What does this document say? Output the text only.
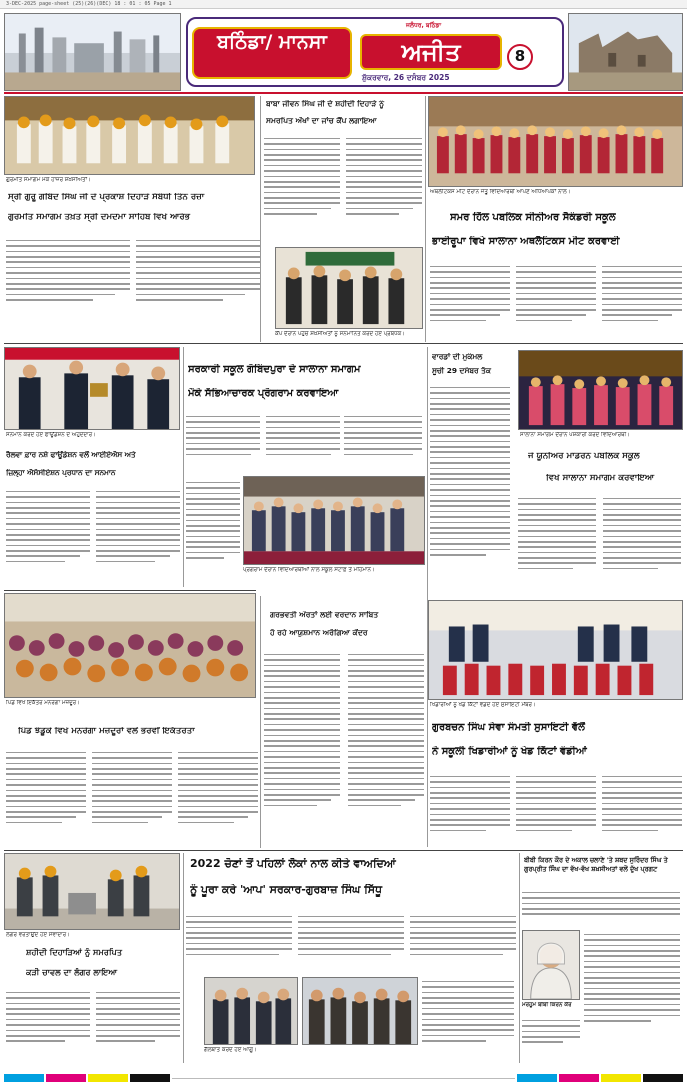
3-DEC-2025 page-sheet (25)(26)(DEC) 18 : 01 : 05 Page 1
ਬਠਿੰਡਾ/ ਮਾਨਸਾ	ਅਜੀਤ
ਜਲੰਧਰ, ਬਠਿੰਡਾ
ਸ਼ੁੱਕਰਵਾਰ, 26 ਦਸੰਬਰ 2025
8
ਗੁਰਮਤਿ ਸਮਾਗਮ ਮੌਕੇ ਹਾਜ਼ਰ ਸ਼ਖ਼ਸੀਅਤਾਂ।
ਸ੍ਰੀ ਗੁਰੂ ਗੋਬਿੰਦ ਸਿੰਘ ਜੀ ਦੇ ਪ੍ਰਕਾਸ਼ ਦਿਹਾੜੇ ਸੰਬੰਧੀ ਤਿੰਨ ਰੋਜ਼ਾ
ਗੁਰਮਤਿ ਸਮਾਗਮ ਤਖ਼ਤ ਸ੍ਰੀ ਦਮਦਮਾ ਸਾਹਿਬ ਵਿਖੇ ਆਰੰਭ
ਬਾਬਾ ਜੀਵਨ ਸਿੰਘ ਜੀ ਦੇ ਸ਼ਹੀਦੀ ਦਿਹਾੜੇ ਨੂੰ
ਸਮਰਪਿਤ ਅੱਖਾਂ ਦਾ ਜਾਂਚ ਕੈਂਪ ਲਗਾਇਆ
ਕੈਂਪ ਦੌਰਾਨ ਪਹੁੰਚੇ ਸ਼ਖ਼ਸੀਅਤਾਂ ਨੂੰ ਸਨਮਾਨਿਤ ਕਰਦੇ ਹੋਏ ਪ੍ਰਬੰਧਕ।
ਅਥਲੈਟਿਕਸ ਮੀਟ ਦੌਰਾਨ ਜੇਤੂ ਵਿਦਿਆਰਥੀ ਆਪਣੇ ਅਧਿਆਪਕਾਂ ਨਾਲ।
ਸਮਰ ਹਿੱਲ ਪਬਲਿਕ ਸੀਨੀਅਰ ਸੈਕੰਡਰੀ ਸਕੂਲ
ਭਾਈਰੂਪਾ ਵਿਖੇ ਸਾਲਾਨਾ ਅਥਲੈਟਿਕਸ ਮੀਟ ਕਰਵਾਈ
ਸਨਮਾਨ ਕਰਦੇ ਹੋਏ ਫਾਊਂਡੇਸ਼ਨ ਦੇ ਅਹੁਦੇਦਾਰ।
ਰੈਲਵਾ ਫ਼ਾਰ ਨਸ਼ੇ ਫਾਊਂਡੇਸ਼ਨ ਵਲੋਂ ਆਈਏਐਸ ਅਤੇ
ਜ਼ਿਲ੍ਹਾ ਐਸੋਸੀਏਸ਼ਨ ਪ੍ਰਧਾਨ ਦਾ ਸਨਮਾਨ
ਸਰਕਾਰੀ ਸਕੂਲ ਗੋਬਿੰਦਪੁਰਾ ਦੇ ਸਾਲਾਨਾ ਸਮਾਗਮ
ਮੌਕੇ ਸੱਭਿਆਚਾਰਕ ਪ੍ਰੋਗਰਾਮ ਕਰਵਾਇਆ
ਪ੍ਰੋਗਰਾਮ ਦੌਰਾਨ ਵਿਦਿਆਰਥੀਆਂ ਨਾਲ ਸਕੂਲ ਸਟਾਫ਼ ਤੇ ਮਹਿਮਾਨ।
ਵਾਰਡਾਂ ਦੀ ਮੁਕੰਮਲ
ਸੂਚੀ 29 ਦਸੰਬਰ ਤੱਕ
ਸਾਲਾਨਾ ਸਮਾਗਮ ਦੌਰਾਨ ਪੇਸ਼ਕਾਰੀ ਕਰਦੇ ਵਿਦਿਆਰਥੀ।
ਜੇ ਯੂਨੀਅਰ ਮਾਡਰਨ ਪਬਲਿਕ ਸਕੂਲ
ਵਿਖੇ ਸਾਲਾਨਾ ਸਮਾਗਮ ਕਰਵਾਇਆ
ਪਿੰਡ ਵਿਖੇ ਇਕੱਤਰ ਮਨਰੇਗਾ ਮਜ਼ਦੂਰ।
ਪਿੰਡ ਝੰਡੂਕੇ ਵਿਖੇ ਮਨਰੇਗਾ ਮਜ਼ਦੂਰਾਂ ਵਲੋਂ ਭਰਵੀਂ ਇਕੱਤਰਤਾ
ਗਰਭਵਤੀ ਔਰਤਾਂ ਲਈ ਵਰਦਾਨ ਸਾਬਿਤ
ਹੋ ਰਹੇ ਆਯੁਸ਼ਮਾਨ ਅਰੋਗਿਆ ਕੇਂਦਰ
ਖਿਡਾਰੀਆਂ ਨੂੰ ਖੇਡ ਕਿੱਟਾਂ ਵੰਡਦੇ ਹੋਏ ਸੁਸਾਇਟੀ ਮੈਂਬਰ।
ਗੁਰਬਚਨ ਸਿੰਘ ਸੇਵਾ ਸੰਮਤੀ ਸੁਸਾਇਟੀ ਵੱਲੋਂ
ਨੇ ਸਕੂਲੀ ਖਿਡਾਰੀਆਂ ਨੂੰ ਖੇਡ ਕਿੱਟਾਂ ਵੰਡੀਆਂ
ਲੰਗਰ ਵਰਤਾਉਂਦੇ ਹੋਏ ਸੇਵਾਦਾਰ।
ਸ਼ਹੀਦੀ ਦਿਹਾੜਿਆਂ ਨੂੰ ਸਮਰਪਿਤ
ਕੜੀ ਚਾਵਲ ਦਾ ਲੰਗਰ ਲਾਇਆ
2022 ਚੋਣਾਂ ਤੋਂ ਪਹਿਲਾਂ ਲੋਕਾਂ ਨਾਲ ਕੀਤੇ ਵਾਅਦਿਆਂ
ਨੂੰ ਪੂਰਾ ਕਰੇ 'ਆਪ' ਸਰਕਾਰ-ਗੁਰਬਾਜ਼ ਸਿੰਘ ਸਿੱਧੂ
ਗੱਲਬਾਤ ਕਰਦੇ ਹੋਏ ਆਗੂ।
ਬੀਬੀ ਕਿਰਨ ਕੌਰ ਦੇ ਅਕਾਲ ਚਲਾਣੇ 'ਤੇ ਸ਼ਬਦ ਸੁਰਿੰਦਰ ਸਿੰਘ ਤੇ ਗੁਰਪ੍ਰੀਤ ਸਿੰਘ ਦਾ ਵੱਖ-ਵੱਖ ਸ਼ਖ਼ਸੀਅਤਾਂ ਵਲੋਂ ਦੁੱਖ ਪ੍ਰਗਟ
ਮਰਹੂਮ ਬੀਬੀ ਕਿਰਨ ਕੌਰ
